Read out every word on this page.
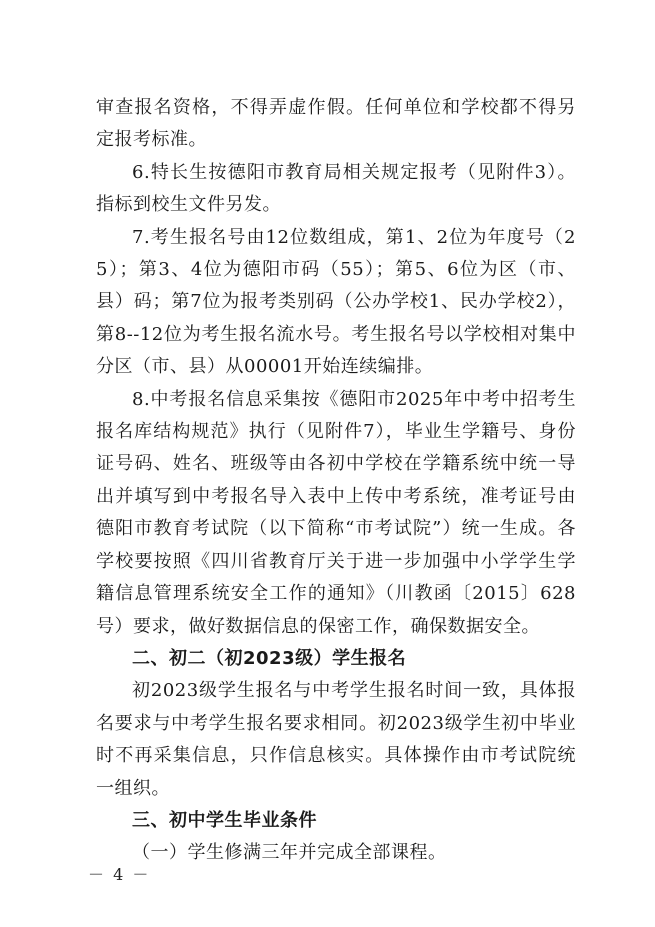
审查报名资格，不得弄虚作假。任何单位和学校都不得另定报考标准。

6.特长生按德阳市教育局相关规定报考（见附件3）。指标到校生文件另发。

7.考生报名号由12位数组成，第1、2位为年度号（25）；第3、4位为德阳市码（55）；第5、6位为区（市、县）码；第7位为报考类别码（公办学校1、民办学校2），第8--12位为考生报名流水号。考生报名号以学校相对集中分区（市、县）从00001开始连续编排。

8.中考报名信息采集按《德阳市2025年中考中招考生报名库结构规范》执行（见附件7），毕业生学籍号、身份证号码、姓名、班级等由各初中学校在学籍系统中统一导出并填写到中考报名导入表中上传中考系统，准考证号由德阳市教育考试院（以下简称“市考试院”）统一生成。各学校要按照《四川省教育厅关于进一步加强中小学学生学籍信息管理系统安全工作的通知》（川教函〔2015〕628号）要求，做好数据信息的保密工作，确保数据安全。

二、初二（初2023级）学生报名

初2023级学生报名与中考学生报名时间一致，具体报名要求与中考学生报名要求相同。初2023级学生初中毕业时不再采集信息，只作信息核实。具体操作由市考试院统一组织。

三、初中学生毕业条件

（一）学生修满三年并完成全部课程。

－ 4 －
